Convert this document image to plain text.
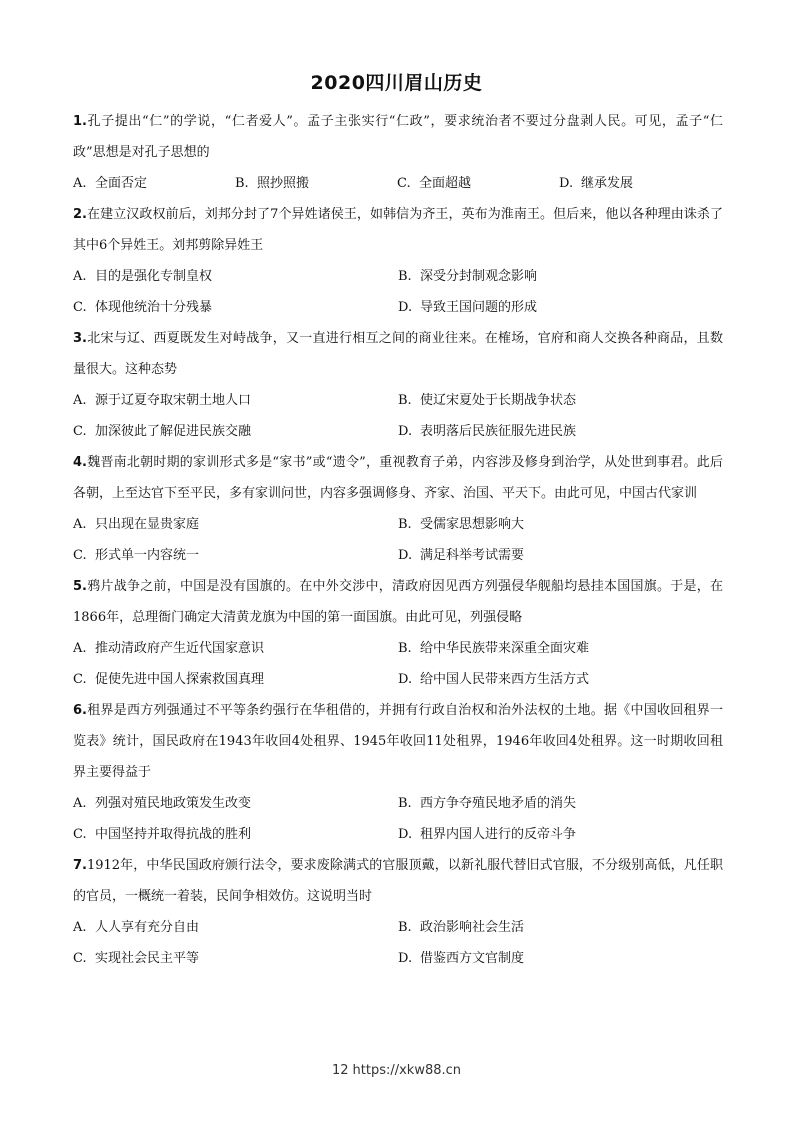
2020四川眉山历史
1.孔子提出“仁”的学说，“仁者爱人”。孟子主张实行“仁政”，要求统治者不要过分盘剥人民。可见，孟子“仁政”思想是对孔子思想的
A. 全面否定	B. 照抄照搬	C. 全面超越	D. 继承发展
2.在建立汉政权前后，刘邦分封了7个异姓诸侯王，如韩信为齐王，英布为淮南王。但后来，他以各种理由诛杀了其中6个异姓王。刘邦剪除异姓王
A. 目的是强化专制皇权	B. 深受分封制观念影响
C. 体现他统治十分残暴	D. 导致王国问题的形成
3.北宋与辽、西夏既发生对峙战争，又一直进行相互之间的商业往来。在榷场，官府和商人交换各种商品，且数量很大。这种态势
A. 源于辽夏夺取宋朝土地人口	B. 使辽宋夏处于长期战争状态
C. 加深彼此了解促进民族交融	D. 表明落后民族征服先进民族
4.魏晋南北朝时期的家训形式多是“家书”或“遗令”，重视教育子弟，内容涉及修身到治学，从处世到事君。此后各朝，上至达官下至平民，多有家训问世，内容多强调修身、齐家、治国、平天下。由此可见，中国古代家训
A. 只出现在显贵家庭	B. 受儒家思想影响大
C. 形式单一内容统一	D. 满足科举考试需要
5.鸦片战争之前，中国是没有国旗的。在中外交涉中，清政府因见西方列强侵华舰船均悬挂本国国旗。于是，在1866年，总理衙门确定大清黄龙旗为中国的第一面国旗。由此可见，列强侵略
A. 推动清政府产生近代国家意识	B. 给中华民族带来深重全面灾难
C. 促使先进中国人探索救国真理	D. 给中国人民带来西方生活方式
6.租界是西方列强通过不平等条约强行在华租借的，并拥有行政自治权和治外法权的土地。据《中国收回租界一览表》统计，国民政府在1943年收回4处租界、1945年收回11处租界，1946年收回4处租界。这一时期收回租界主要得益于
A. 列强对殖民地政策发生改变	B. 西方争夺殖民地矛盾的消失
C. 中国坚持并取得抗战的胜利	D. 租界内国人进行的反帝斗争
7.1912年，中华民国政府颁行法令，要求废除满式的官服顶戴，以新礼服代替旧式官服，不分级别高低，凡任职的官员，一概统一着装，民间争相效仿。这说明当时
A. 人人享有充分自由	B. 政治影响社会生活
C. 实现社会民主平等	D. 借鉴西方文官制度
12 https://xkw88.cn
